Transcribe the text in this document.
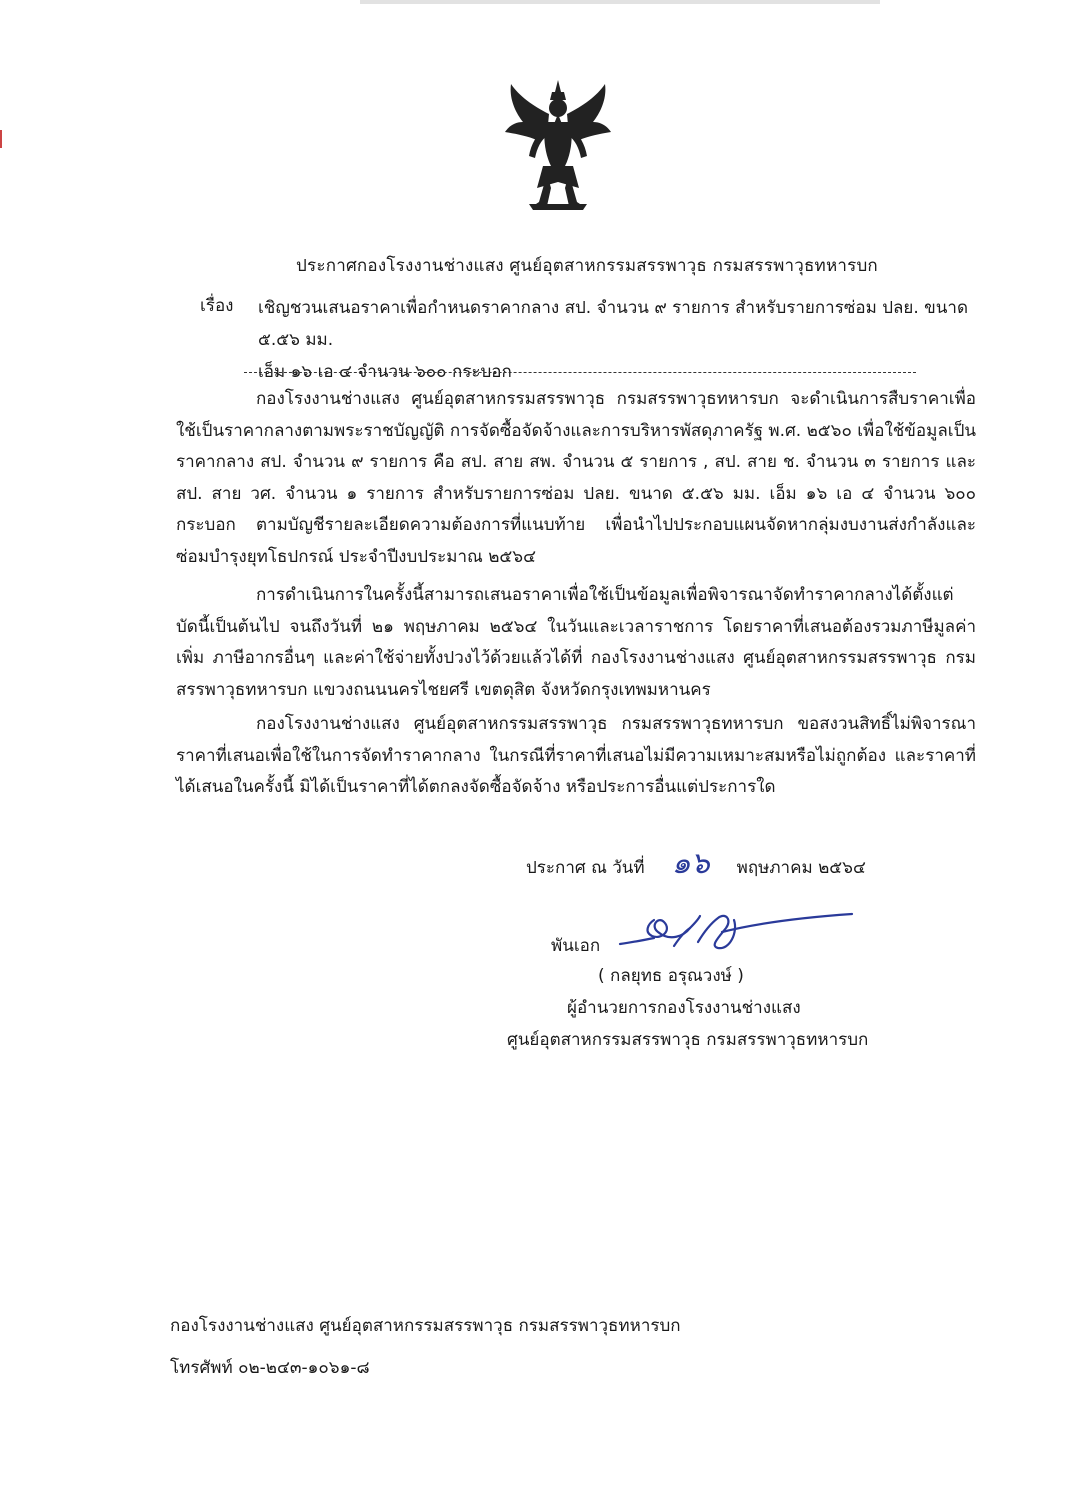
ประกาศกองโรงงานช่างแสง ศูนย์อุตสาหกรรมสรรพาวุธ กรมสรรพาวุธทหารบก
เรื่อง เชิญชวนเสนอราคาเพื่อกำหนดราคากลาง สป. จำนวน ๙ รายการ สำหรับรายการซ่อม ปลย. ขนาด ๕.๕๖ มม.
เอ็ม ๑๖ เอ ๔ จำนวน ๖๐๐ กระบอก
กองโรงงานช่างแสง ศูนย์อุตสาหกรรมสรรพาวุธ กรมสรรพาวุธทหารบก จะดำเนินการสืบราคาเพื่อใช้เป็นราคากลางตามพระราชบัญญัติ การจัดซื้อจัดจ้างและการบริหารพัสดุภาครัฐ พ.ศ. ๒๕๖๐ เพื่อใช้ข้อมูลเป็นราคากลาง สป. จำนวน ๙ รายการ คือ สป. สาย สพ. จำนวน ๕ รายการ , สป. สาย ช. จำนวน ๓ รายการ และ สป. สาย วศ. จำนวน ๑ รายการ สำหรับรายการซ่อม ปลย. ขนาด ๕.๕๖ มม. เอ็ม ๑๖ เอ ๔ จำนวน ๖๐๐ กระบอก ตามบัญชีรายละเอียดความต้องการที่แนบท้าย เพื่อนำไปประกอบแผนจัดหากลุ่มงบงานส่งกำลังและซ่อมบำรุงยุทโธปกรณ์ ประจำปีงบประมาณ ๒๕๖๔
การดำเนินการในครั้งนี้สามารถเสนอราคาเพื่อใช้เป็นข้อมูลเพื่อพิจารณาจัดทำราคากลางได้ตั้งแต่บัดนี้เป็นต้นไป จนถึงวันที่ ๒๑ พฤษภาคม ๒๕๖๔ ในวันและเวลาราชการ โดยราคาที่เสนอต้องรวมภาษีมูลค่าเพิ่ม ภาษีอากรอื่นๆ และค่าใช้จ่ายทั้งปวงไว้ด้วยแล้วได้ที่ กองโรงงานช่างแสง ศูนย์อุตสาหกรรมสรรพาวุธ กรมสรรพาวุธทหารบก แขวงถนนนครไชยศรี เขตดุสิต จังหวัดกรุงเทพมหานคร
กองโรงงานช่างแสง ศูนย์อุตสาหกรรมสรรพาวุธ กรมสรรพาวุธทหารบก ขอสงวนสิทธิ์ไม่พิจารณาราคาที่เสนอเพื่อใช้ในการจัดทำราคากลาง ในกรณีที่ราคาที่เสนอไม่มีความเหมาะสมหรือไม่ถูกต้อง และราคาที่ได้เสนอในครั้งนี้ มิได้เป็นราคาที่ได้ตกลงจัดซื้อจัดจ้าง หรือประการอื่นแต่ประการใด
ประกาศ ณ วันที่ ๑๖	พฤษภาคม ๒๕๖๔
พันเอก
( กลยุทธ อรุณวงษ์ )
ผู้อำนวยการกองโรงงานช่างแสง
ศูนย์อุตสาหกรรมสรรพาวุธ กรมสรรพาวุธทหารบก
กองโรงงานช่างแสง ศูนย์อุตสาหกรรมสรรพาวุธ กรมสรรพาวุธทหารบก
โทรศัพท์ ๐๒-๒๔๓-๑๐๖๑-๘
